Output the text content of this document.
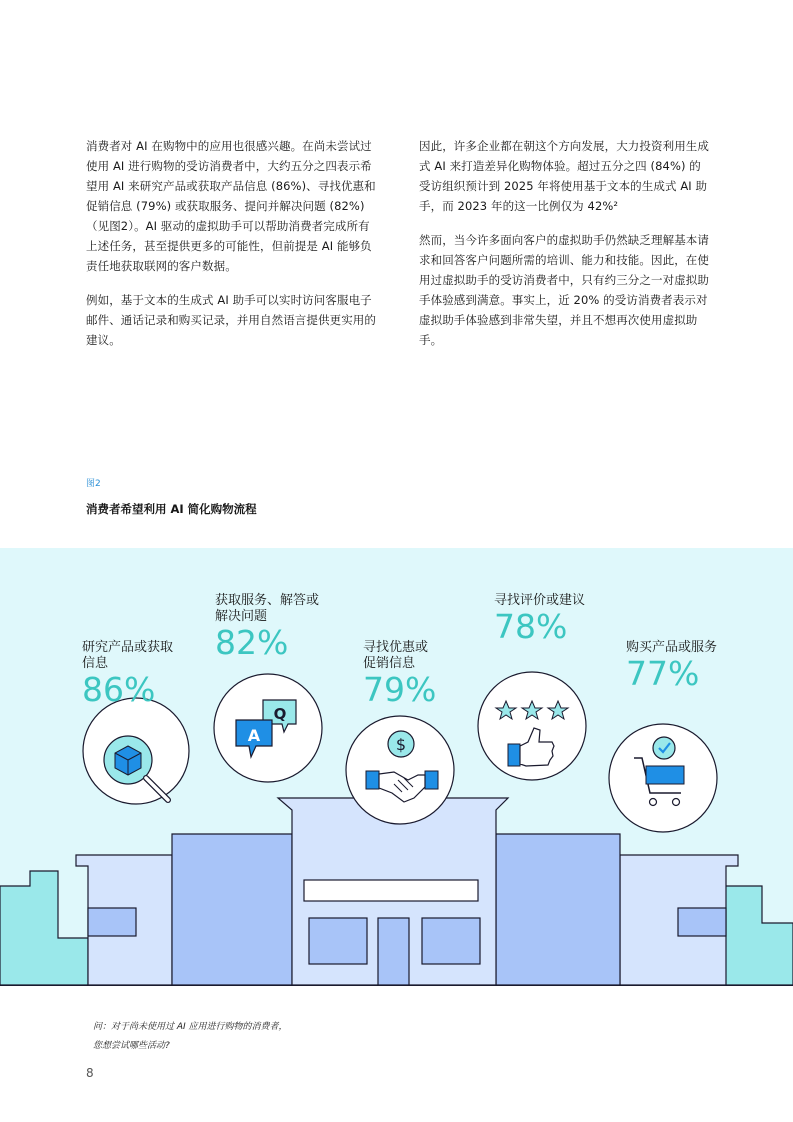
消费者对 AI 在购物中的应用也很感兴趣。在尚未尝试过使用 AI 进行购物的受访消费者中，大约五分之四表示希望用 AI 来研究产品或获取产品信息 (86%)、寻找优惠和促销信息 (79%) 或获取服务、提问并解决问题 (82%)（见图2）。AI 驱动的虚拟助手可以帮助消费者完成所有上述任务，甚至提供更多的可能性，但前提是 AI 能够负责任地获取联网的客户数据。

例如，基于文本的生成式 AI 助手可以实时访问客服电子邮件、通话记录和购买记录，并用自然语言提供更实用的建议。

因此，许多企业都在朝这个方向发展，大力投资利用生成式 AI 来打造差异化购物体验。超过五分之四 (84%) 的受访组织预计到 2025 年将使用基于文本的生成式 AI 助手，而 2023 年的这一比例仅为 42%²

然而，当今许多面向客户的虚拟助手仍然缺乏理解基本请求和回答客户问题所需的培训、能力和技能。因此，在使用过虚拟助手的受访消费者中，只有约三分之一对虚拟助手体验感到满意。事实上，近 20% 的受访消费者表示对虚拟助手体验感到非常失望，并且不想再次使用虚拟助手。

图2
消费者希望利用 AI 简化购物流程
Q
A	$
研究产品或获取
信息
86%
获取服务、解答或
解决问题
82%	寻找优惠或
促销信息
79%
寻找评价或建议
78%
购买产品或服务
77%
问：对于尚未使用过 AI 应用进行购物的消费者，
您想尝试哪些活动?
8
